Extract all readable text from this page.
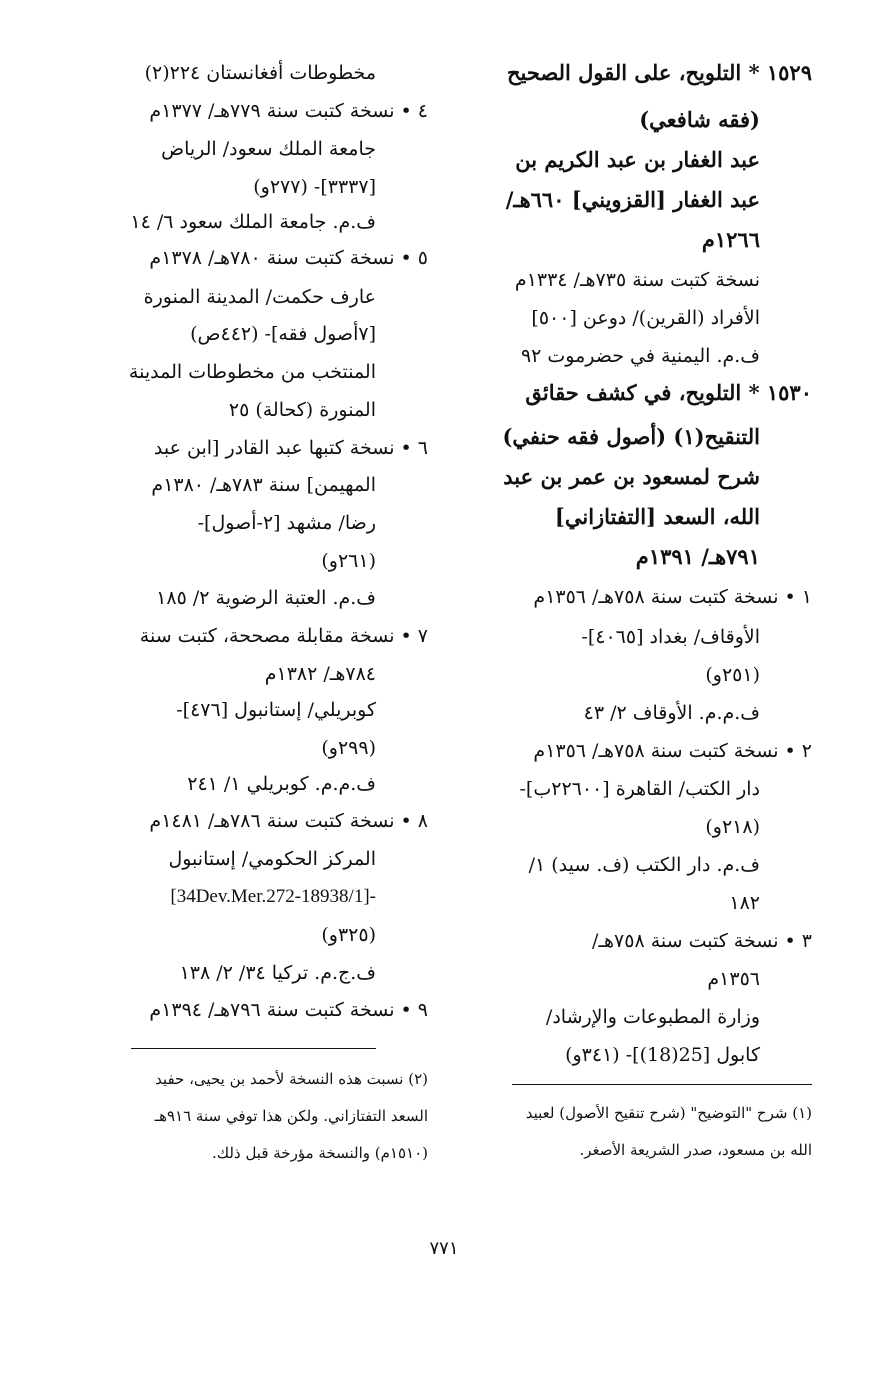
١٥٢٩ * التلويح، على القول الصحيح
(فقه شافعي)
عبد الغفار بن عبد الكريم بن
عبد الغفار [القزويني] ٦٦٠هـ/
١٢٦٦م
نسخة كتبت سنة ٧٣٥هـ/ ١٣٣٤م
الأفراد (القرين)/ دوعن [٥٠٠]
ف.م. اليمنية في حضرموت ٩٢
١٥٣٠ * التلويح، في كشف حقائق
التنقيح(١) (أصول فقه حنفي)
شرح لمسعود بن عمر بن عبد
الله، السعد [التفتازاني]
٧٩١هـ/ ١٣٩١م
١ • نسخة كتبت سنة ٧٥٨هـ/ ١٣٥٦م
الأوقاف/ بغداد [٤٠٦٥]-
(٢٥١و)
ف.م.م. الأوقاف ٢/ ٤٣
٢ • نسخة كتبت سنة ٧٥٨هـ/ ١٣٥٦م
دار الكتب/ القاهرة [٢٢٦٠٠ب]-
(٢١٨و)
ف.م. دار الكتب (ف. سيد) ١/
١٨٢
٣ • نسخة كتبت سنة ٧٥٨هـ/
١٣٥٦م
وزارة المطبوعات والإرشاد/
كابول [25(18)]- (٣٤١و)
(١) شرح "التوضيح" (شرح تنقيح الأصول) لعبيد
الله بن مسعود، صدر الشريعة الأصغر.
مخطوطات أفغانستان ٢٢٤(٢)
٤ • نسخة كتبت سنة ٧٧٩هـ/ ١٣٧٧م
جامعة الملك سعود/ الرياض
[٣٣٣٧]- (٢٧٧و)
ف.م. جامعة الملك سعود ٦/ ١٤
٥ • نسخة كتبت سنة ٧٨٠هـ/ ١٣٧٨م
عارف حكمت/ المدينة المنورة
[٧أصول فقه]- (٤٤٢ص)
المنتخب من مخطوطات المدينة
المنورة (كحالة) ٢٥
٦ • نسخة كتبها عبد القادر [ابن عبد
المهيمن] سنة ٧٨٣هـ/ ١٣٨٠م
رضا/ مشهد [٢-أصول]-
(٢٦١و)
ف.م. العتبة الرضوية ٢/ ١٨٥
٧ • نسخة مقابلة مصححة، كتبت سنة
٧٨٤هـ/ ١٣٨٢م
كوبريلي/ إستانبول [٤٧٦]-
(٢٩٩و)
ف.م.م. كوبريلي ١/ ٢٤١
٨ • نسخة كتبت سنة ٧٨٦هـ/ ١٤٨١م
المركز الحكومي/ إستانبول
-[34Dev.Mer.272-18938/1]
(٣٢٥و)
ف.ج.م. تركيا ٣٤/ ٢/ ١٣٨
٩ • نسخة كتبت سنة ٧٩٦هـ/ ١٣٩٤م
(٢) نسبت هذه النسخة لأحمد بن يحيى، حفيد
السعد التفتازاني. ولكن هذا توفي سنة ٩١٦هـ
(١٥١٠م) والنسخة مؤرخة قبل ذلك.
٧٧١
